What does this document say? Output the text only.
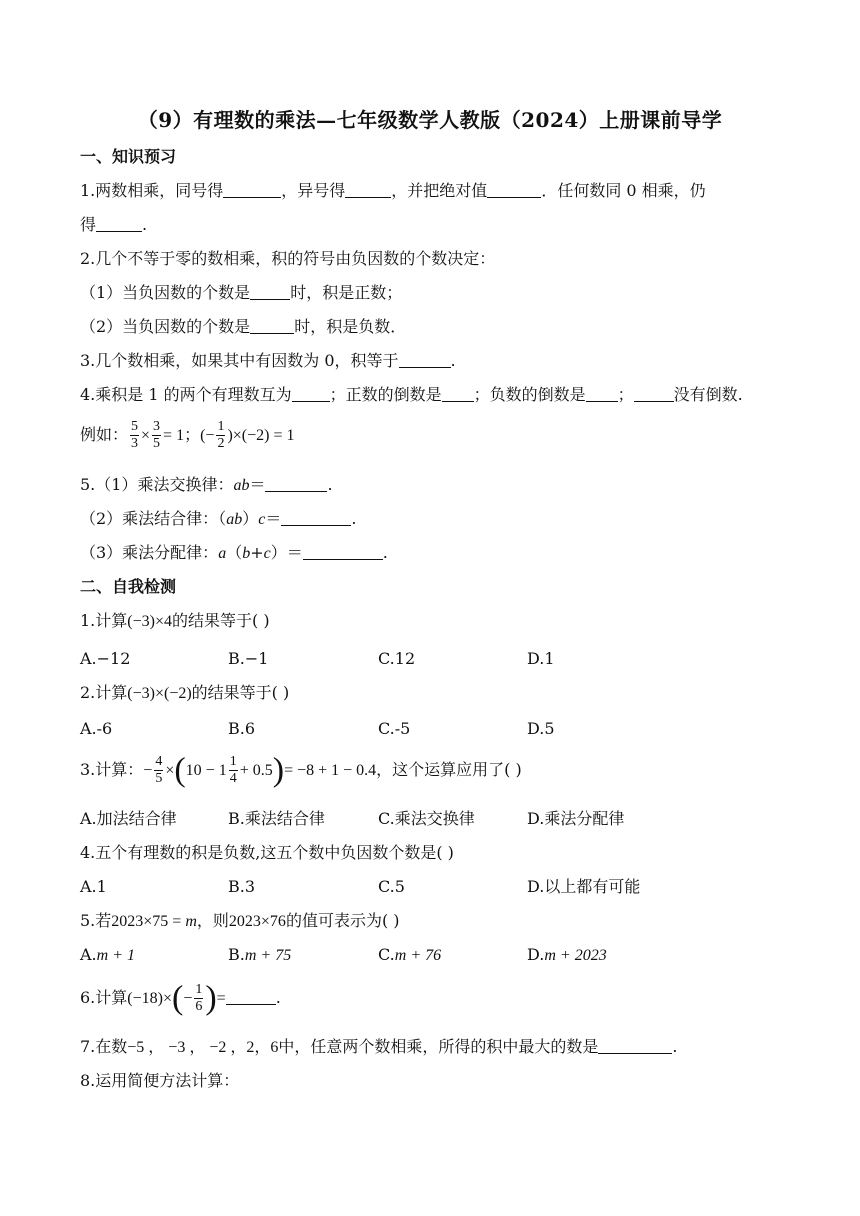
（9）有理数的乘法—七年级数学人教版（2024）上册课前导学
一、知识预习
1.两数相乘，同号得	，异号得	，并把绝对值	．任何数同 0 相乘，仍
得	.
2.几个不等于零的数相乘，积的符号由负因数的个数决定：
（1）当负因数的个数是	时，积是正数；
（2）当负因数的个数是	时，积是负数．
3.几个数相乘，如果其中有因数为 0，积等于	.
4.乘积是 1 的两个有理数互为 ；正数的倒数是 ；负数的倒数是 ；	没有倒数.
例如： $\frac{5}{3} \times \frac{3}{5} = 1$；(− $\frac{1}{2} )\times(-2) = 1$
5.（1）乘法交换律：ab＝	.
（2）乘法结合律：（ab）c＝	.
（3）乘法分配律：a（b+c）＝	.
二、自我检测
1.计算(−3)×4的结果等于( )
A.−12	B.−1	C.12	D.1
2.计算(−3)×(−2)的结果等于( )
A.-6	B.6	C.-5	D.5
3.计算：− $\frac{4}{5} \times(10 - 1 \frac{1}{4} + 0.5)= -8 + 1 - 0.4$，这个运算应用了( )
A.加法结合律	B.乘法结合律	C.乘法交换律	D.乘法分配律
4.五个有理数的积是负数,这五个数中负因数个数是( )
A.1	B.3	C.5	D.以上都有可能
5.若2023×75 = m，则2023×76的值可表示为( )
A.m + 1	B.m + 75	C.m + 76	D.m + 2023
6.计算$(-18)\times(- \frac{1}{6}$ )=	.
7.在数−5 ， −3 ， −2 ，2，6中，任意两个数相乘，所得的积中最大的数是	.
8.运用简便方法计算：
